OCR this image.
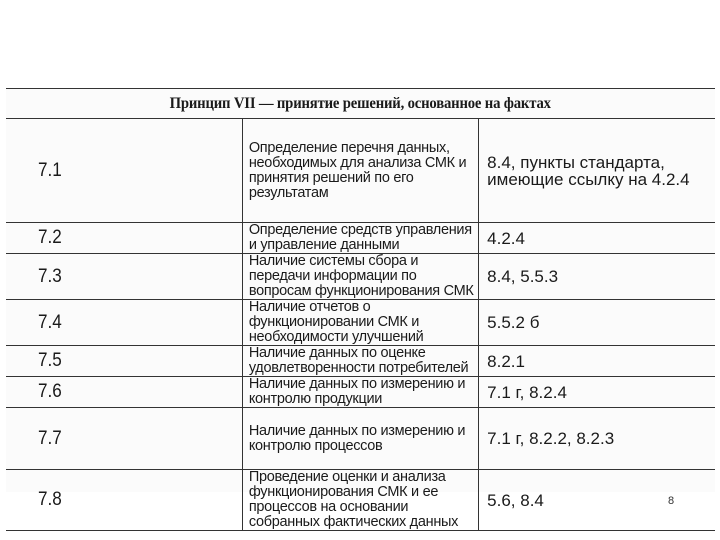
Принцип VII — принятие решений, основанное на фактах		
7.1	Определение перечня данных, необходимых для анализа СМК и принятия решений по его результатам	8.4, пункты стандарта, имеющие ссылку на 4.2.4
7.2	Определение средств управления и управление данными	4.2.4
7.3	Наличие системы сбора и передачи информации по вопросам функционирования СМК	8.4, 5.5.3
7.4	Наличие отчетов о функционировании СМК и необходимости улучшений	5.5.2 б
7.5	Наличие данных по оценке удовлетворенности потребителей	8.2.1
7.6	Наличие данных по измерению и контролю продукции	7.1 г, 8.2.4
7.7	Наличие данных по измерению и контролю процессов	7.1 г, 8.2.2, 8.2.3
7.8	Проведение оценки и анализа функционирования СМК и ее процессов на основании собранных фактических данных	5.6, 8.4	8
